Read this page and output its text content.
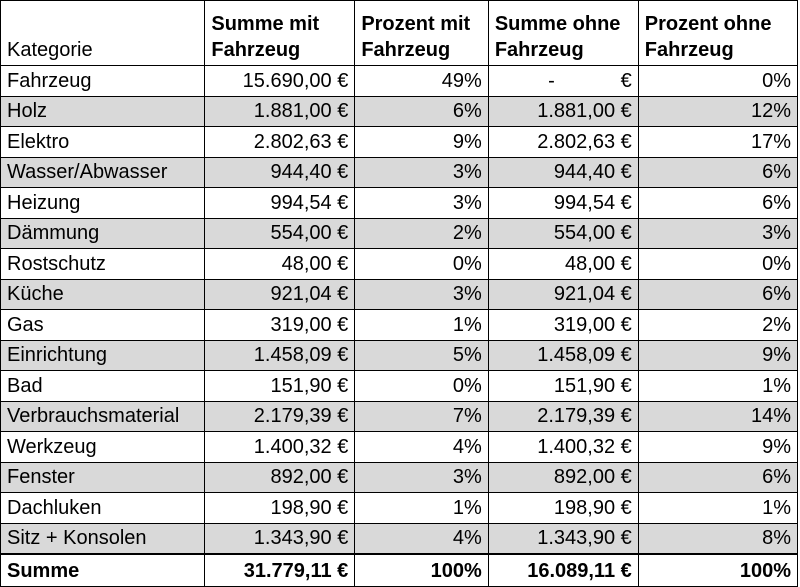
Kategorie	Summe mit Fahrzeug	Prozent mit Fahrzeug	Summe ohne Fahrzeug	Prozent ohne Fahrzeug

Fahrzeug	15.690,00 €	49%	- €	0%
Holz	1.881,00 €	6%	1.881,00 €	12%
Elektro	2.802,63 €	9%	2.802,63 €	17%
Wasser/Abwasser	944,40 €	3%	944,40 €	6%
Heizung	994,54 €	3%	994,54 €	6%
Dämmung	554,00 €	2%	554,00 €	3%
Rostschutz	48,00 €	0%	48,00 €	0%
Küche	921,04 €	3%	921,04 €	6%
Gas	319,00 €	1%	319,00 €	2%
Einrichtung	1.458,09 €	5%	1.458,09 €	9%
Bad	151,90 €	0%	151,90 €	1%
Verbrauchsmaterial	2.179,39 €	7%	2.179,39 €	14%
Werkzeug	1.400,32 €	4%	1.400,32 €	9%
Fenster	892,00 €	3%	892,00 €	6%
Dachluken	198,90 €	1%	198,90 €	1%
Sitz + Konsolen	1.343,90 €	4%	1.343,90 €	8%
Summe	31.779,11 €	100%	16.089,11 €	100%
